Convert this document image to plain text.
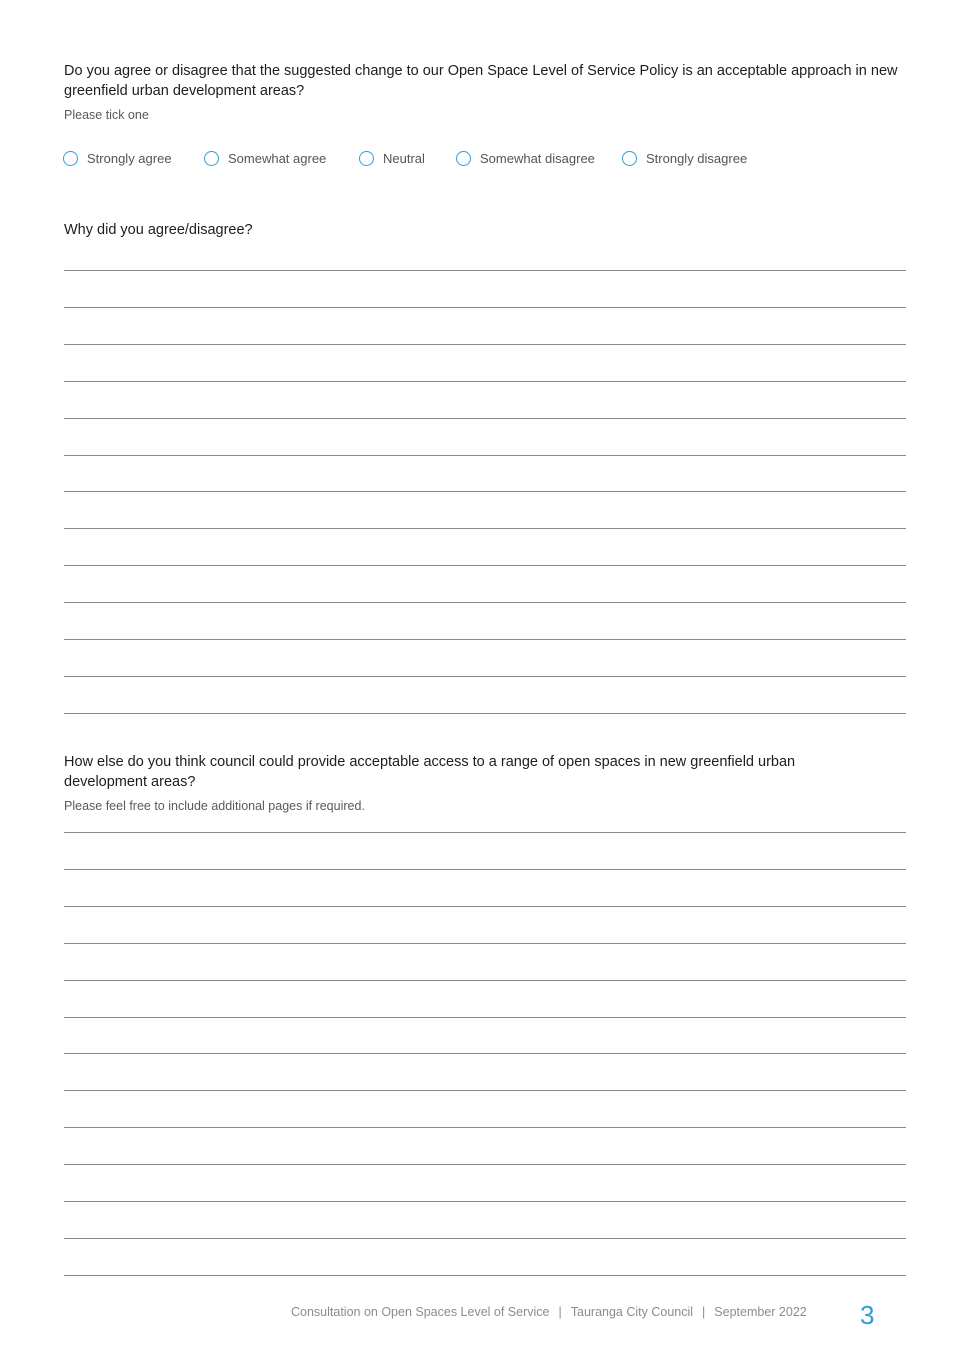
Do you agree or disagree that the suggested change to our Open Space Level of Service Policy is an acceptable approach in new greenfield urban development areas?

Please tick one

Strongly agree	Somewhat agree	Neutral	Somewhat disagree	Strongly disagree

Why did you agree/disagree?

How else do you think council could provide acceptable access to a range of open spaces in new greenfield urban development areas?

Please feel free to include additional pages if required.

Consultation on Open Spaces Level of Service | Tauranga City Council | September 2022 3
